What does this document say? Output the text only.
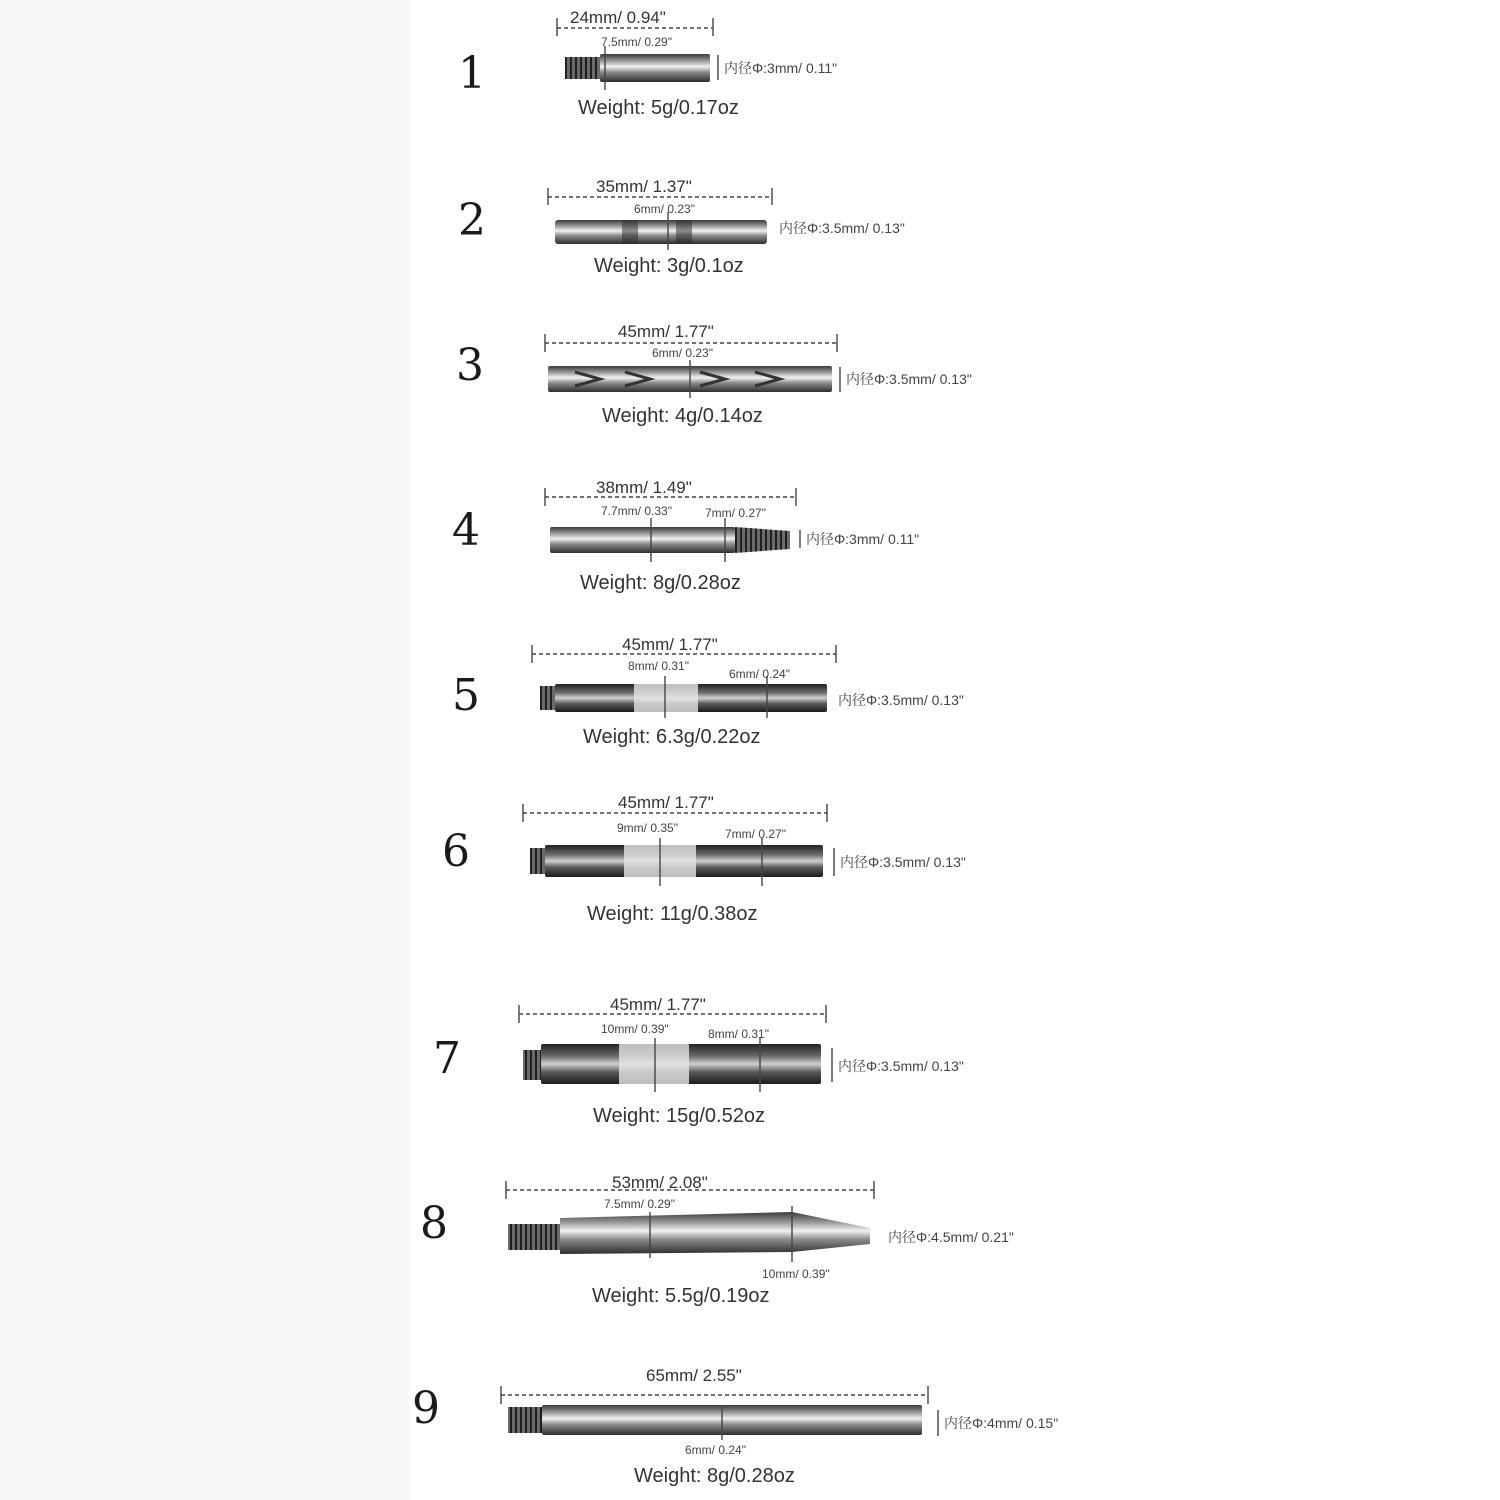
1
24mm/ 0.94"
7.5mm/ 0.29"
内径Φ:3mm/ 0.11"
Weight: 5g/0.17oz
2
35mm/ 1.37"
6mm/ 0.23"
内径Φ:3.5mm/ 0.13"
Weight: 3g/0.1oz
3
45mm/ 1.77"
6mm/ 0.23"
内径Φ:3.5mm/ 0.13"
Weight: 4g/0.14oz
4
38mm/ 1.49"
7.7mm/ 0.33"	7mm/ 0.27"
内径Φ:3mm/ 0.11"
Weight: 8g/0.28oz
5
45mm/ 1.77"
8mm/ 0.31"
6mm/ 0.24"
内径Φ:3.5mm/ 0.13"
Weight: 6.3g/0.22oz
6
45mm/ 1.77"
9mm/ 0.35"	7mm/ 0.27"
内径Φ:3.5mm/ 0.13"
Weight: 11g/0.38oz
7
45mm/ 1.77"
10mm/ 0.39"	8mm/ 0.31"
内径Φ:3.5mm/ 0.13"
Weight: 15g/0.52oz
8
53mm/ 2.08"
7.5mm/ 0.29"
10mm/ 0.39"
内径Φ:4.5mm/ 0.21"
Weight: 5.5g/0.19oz
9
65mm/ 2.55"
内径Φ:4mm/ 0.15"
6mm/ 0.24"
Weight: 8g/0.28oz
